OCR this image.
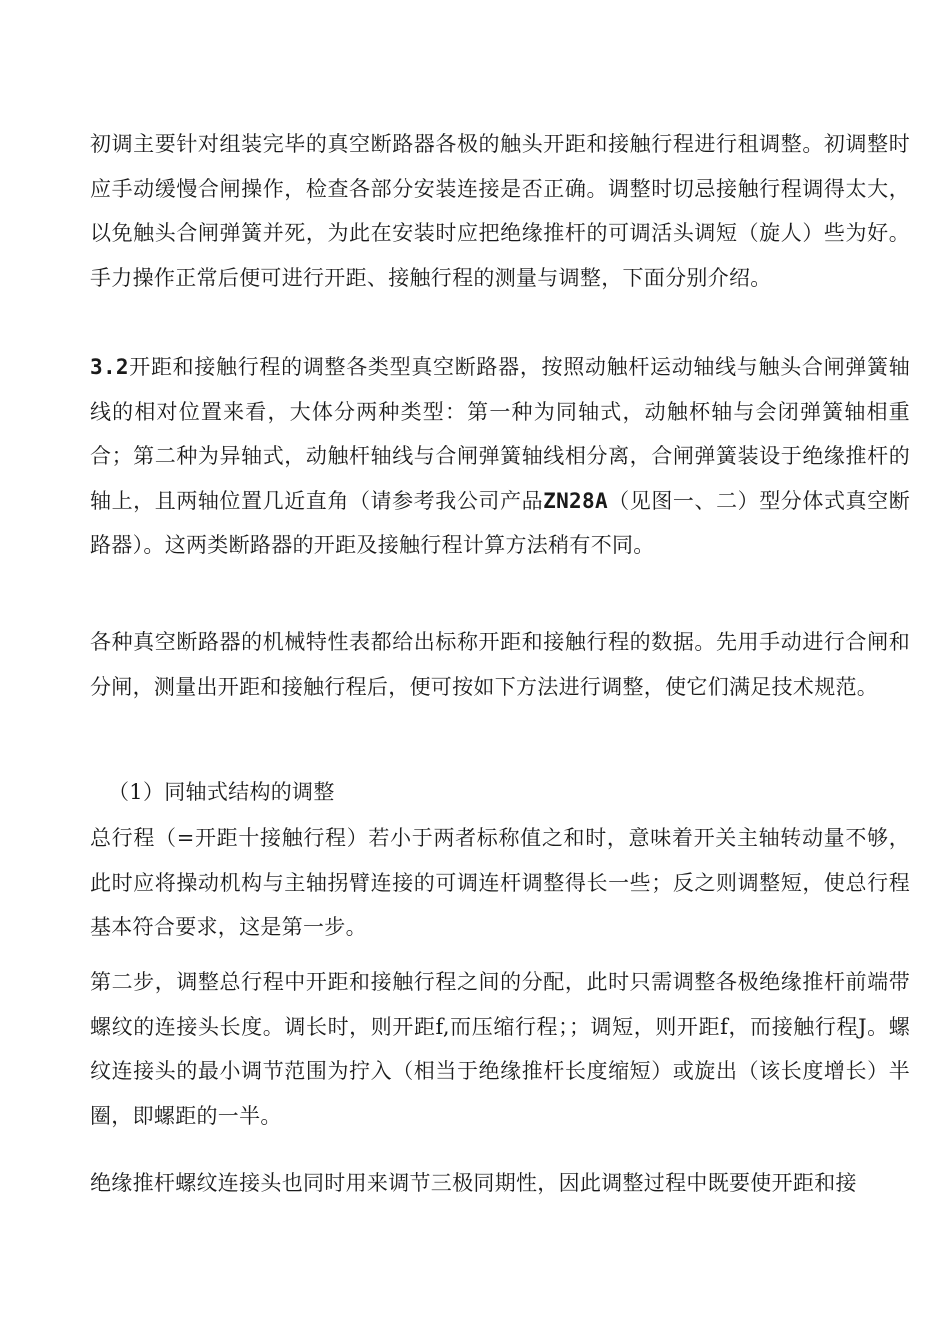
初调主要针对组装完毕的真空断路器各极的触头开距和接触行程进行租调整。初调整时应手动缓慢合闸操作，检查各部分安装连接是否正确。调整时切忌接触行程调得太大，以免触头合闸弹簧并死，为此在安装时应把绝缘推杆的可调活头调短（旋人）些为好。手力操作正常后便可进行开距、接触行程的测量与调整，下面分别介绍。

3.2开距和接触行程的调整各类型真空断路器，按照动触杆运动轴线与触头合闸弹簧轴线的相对位置来看，大体分两种类型：第一种为同轴式，动触杯轴与会闭弹簧轴相重合；第二种为异轴式，动触杆轴线与合闸弹簧轴线相分离，合闸弹簧装设于绝缘推杆的轴上，且两轴位置几近直角（请参考我公司产品ZN28A（见图一、二）型分体式真空断路器）。这两类断路器的开距及接触行程计算方法稍有不同。

各种真空断路器的机械特性表都给出标称开距和接触行程的数据。先用手动进行合闸和分闸，测量出开距和接触行程后，便可按如下方法进行调整，使它们满足技术规范。

（1）同轴式结构的调整

总行程（=开距十接触行程）若小于两者标称值之和时，意味着开关主轴转动量不够，此时应将操动机构与主轴拐臂连接的可调连杆调整得长一些；反之则调整短，使总行程基本符合要求，这是第一步。

第二步，调整总行程中开距和接触行程之间的分配，此时只需调整各极绝缘推杆前端带螺纹的连接头长度。调长时，则开距f,而压缩行程；；调短，则开距f，而接触行程J。螺纹连接头的最小调节范围为拧入（相当于绝缘推杆长度缩短）或旋出（该长度增长）半圈，即螺距的一半。

绝缘推杆螺纹连接头也同时用来调节三极同期性，因此调整过程中既要使开距和接
